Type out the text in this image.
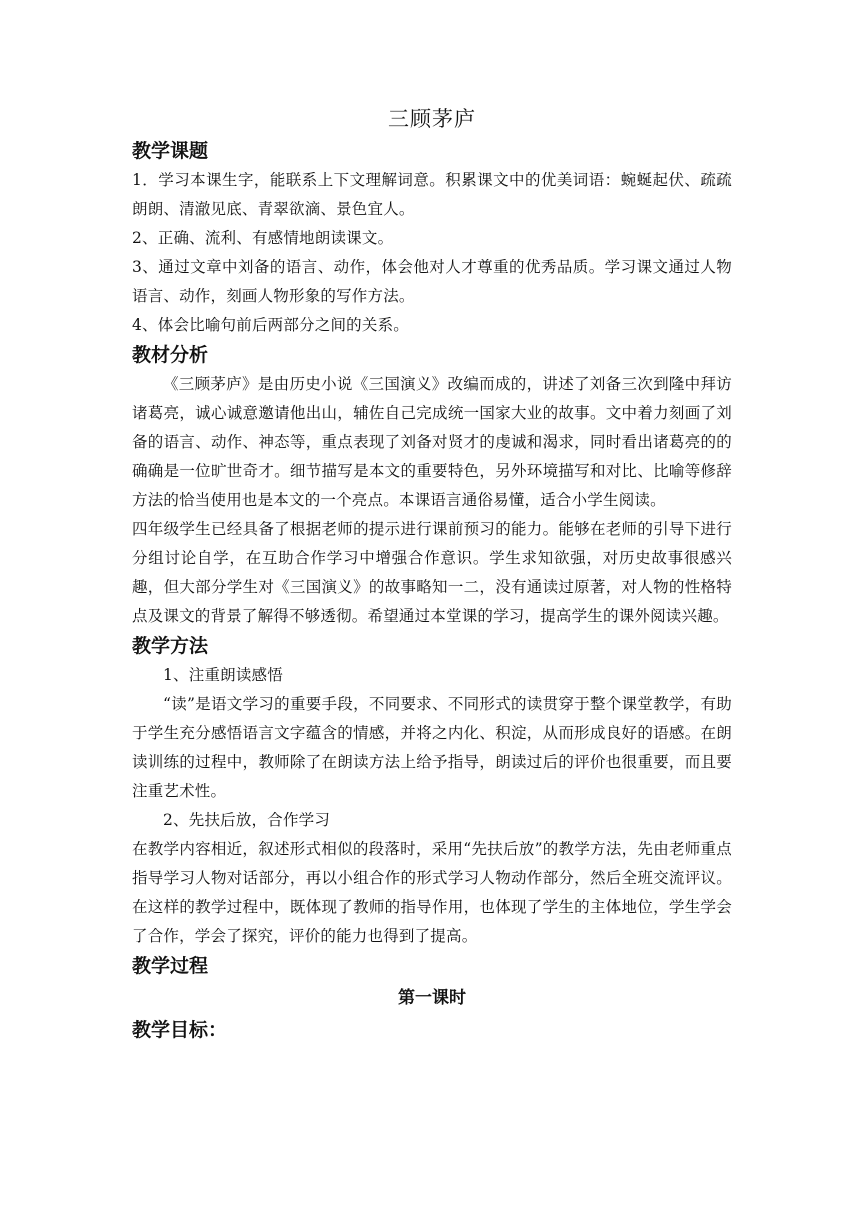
三顾茅庐
教学课题

1．学习本课生字，能联系上下文理解词意。积累课文中的优美词语：蜿蜒起伏、疏疏朗朗、清澈见底、青翠欲滴、景色宜人。

2、正确、流利、有感情地朗读课文。

3、通过文章中刘备的语言、动作，体会他对人才尊重的优秀品质。学习课文通过人物语言、动作，刻画人物形象的写作方法。

4、体会比喻句前后两部分之间的关系。

教材分析

《三顾茅庐》是由历史小说《三国演义》改编而成的，讲述了刘备三次到隆中拜访诸葛亮，诚心诚意邀请他出山，辅佐自己完成统一国家大业的故事。文中着力刻画了刘备的语言、动作、神态等，重点表现了刘备对贤才的虔诚和渴求，同时看出诸葛亮的的确确是一位旷世奇才。细节描写是本文的重要特色，另外环境描写和对比、比喻等修辞方法的恰当使用也是本文的一个亮点。本课语言通俗易懂，适合小学生阅读。

四年级学生已经具备了根据老师的提示进行课前预习的能力。能够在老师的引导下进行分组讨论自学，在互助合作学习中增强合作意识。学生求知欲强，对历史故事很感兴趣，但大部分学生对《三国演义》的故事略知一二，没有通读过原著，对人物的性格特点及课文的背景了解得不够透彻。希望通过本堂课的学习，提高学生的课外阅读兴趣。

教学方法

1、注重朗读感悟

“读”是语文学习的重要手段，不同要求、不同形式的读贯穿于整个课堂教学，有助于学生充分感悟语言文字蕴含的情感，并将之内化、积淀，从而形成良好的语感。在朗读训练的过程中，教师除了在朗读方法上给予指导，朗读过后的评价也很重要，而且要注重艺术性。

2、先扶后放，合作学习

在教学内容相近，叙述形式相似的段落时，采用“先扶后放”的教学方法，先由老师重点指导学习人物对话部分，再以小组合作的形式学习人物动作部分，然后全班交流评议。在这样的教学过程中，既体现了教师的指导作用，也体现了学生的主体地位，学生学会了合作，学会了探究，评价的能力也得到了提高。

教学过程

第一课时

教学目标：
